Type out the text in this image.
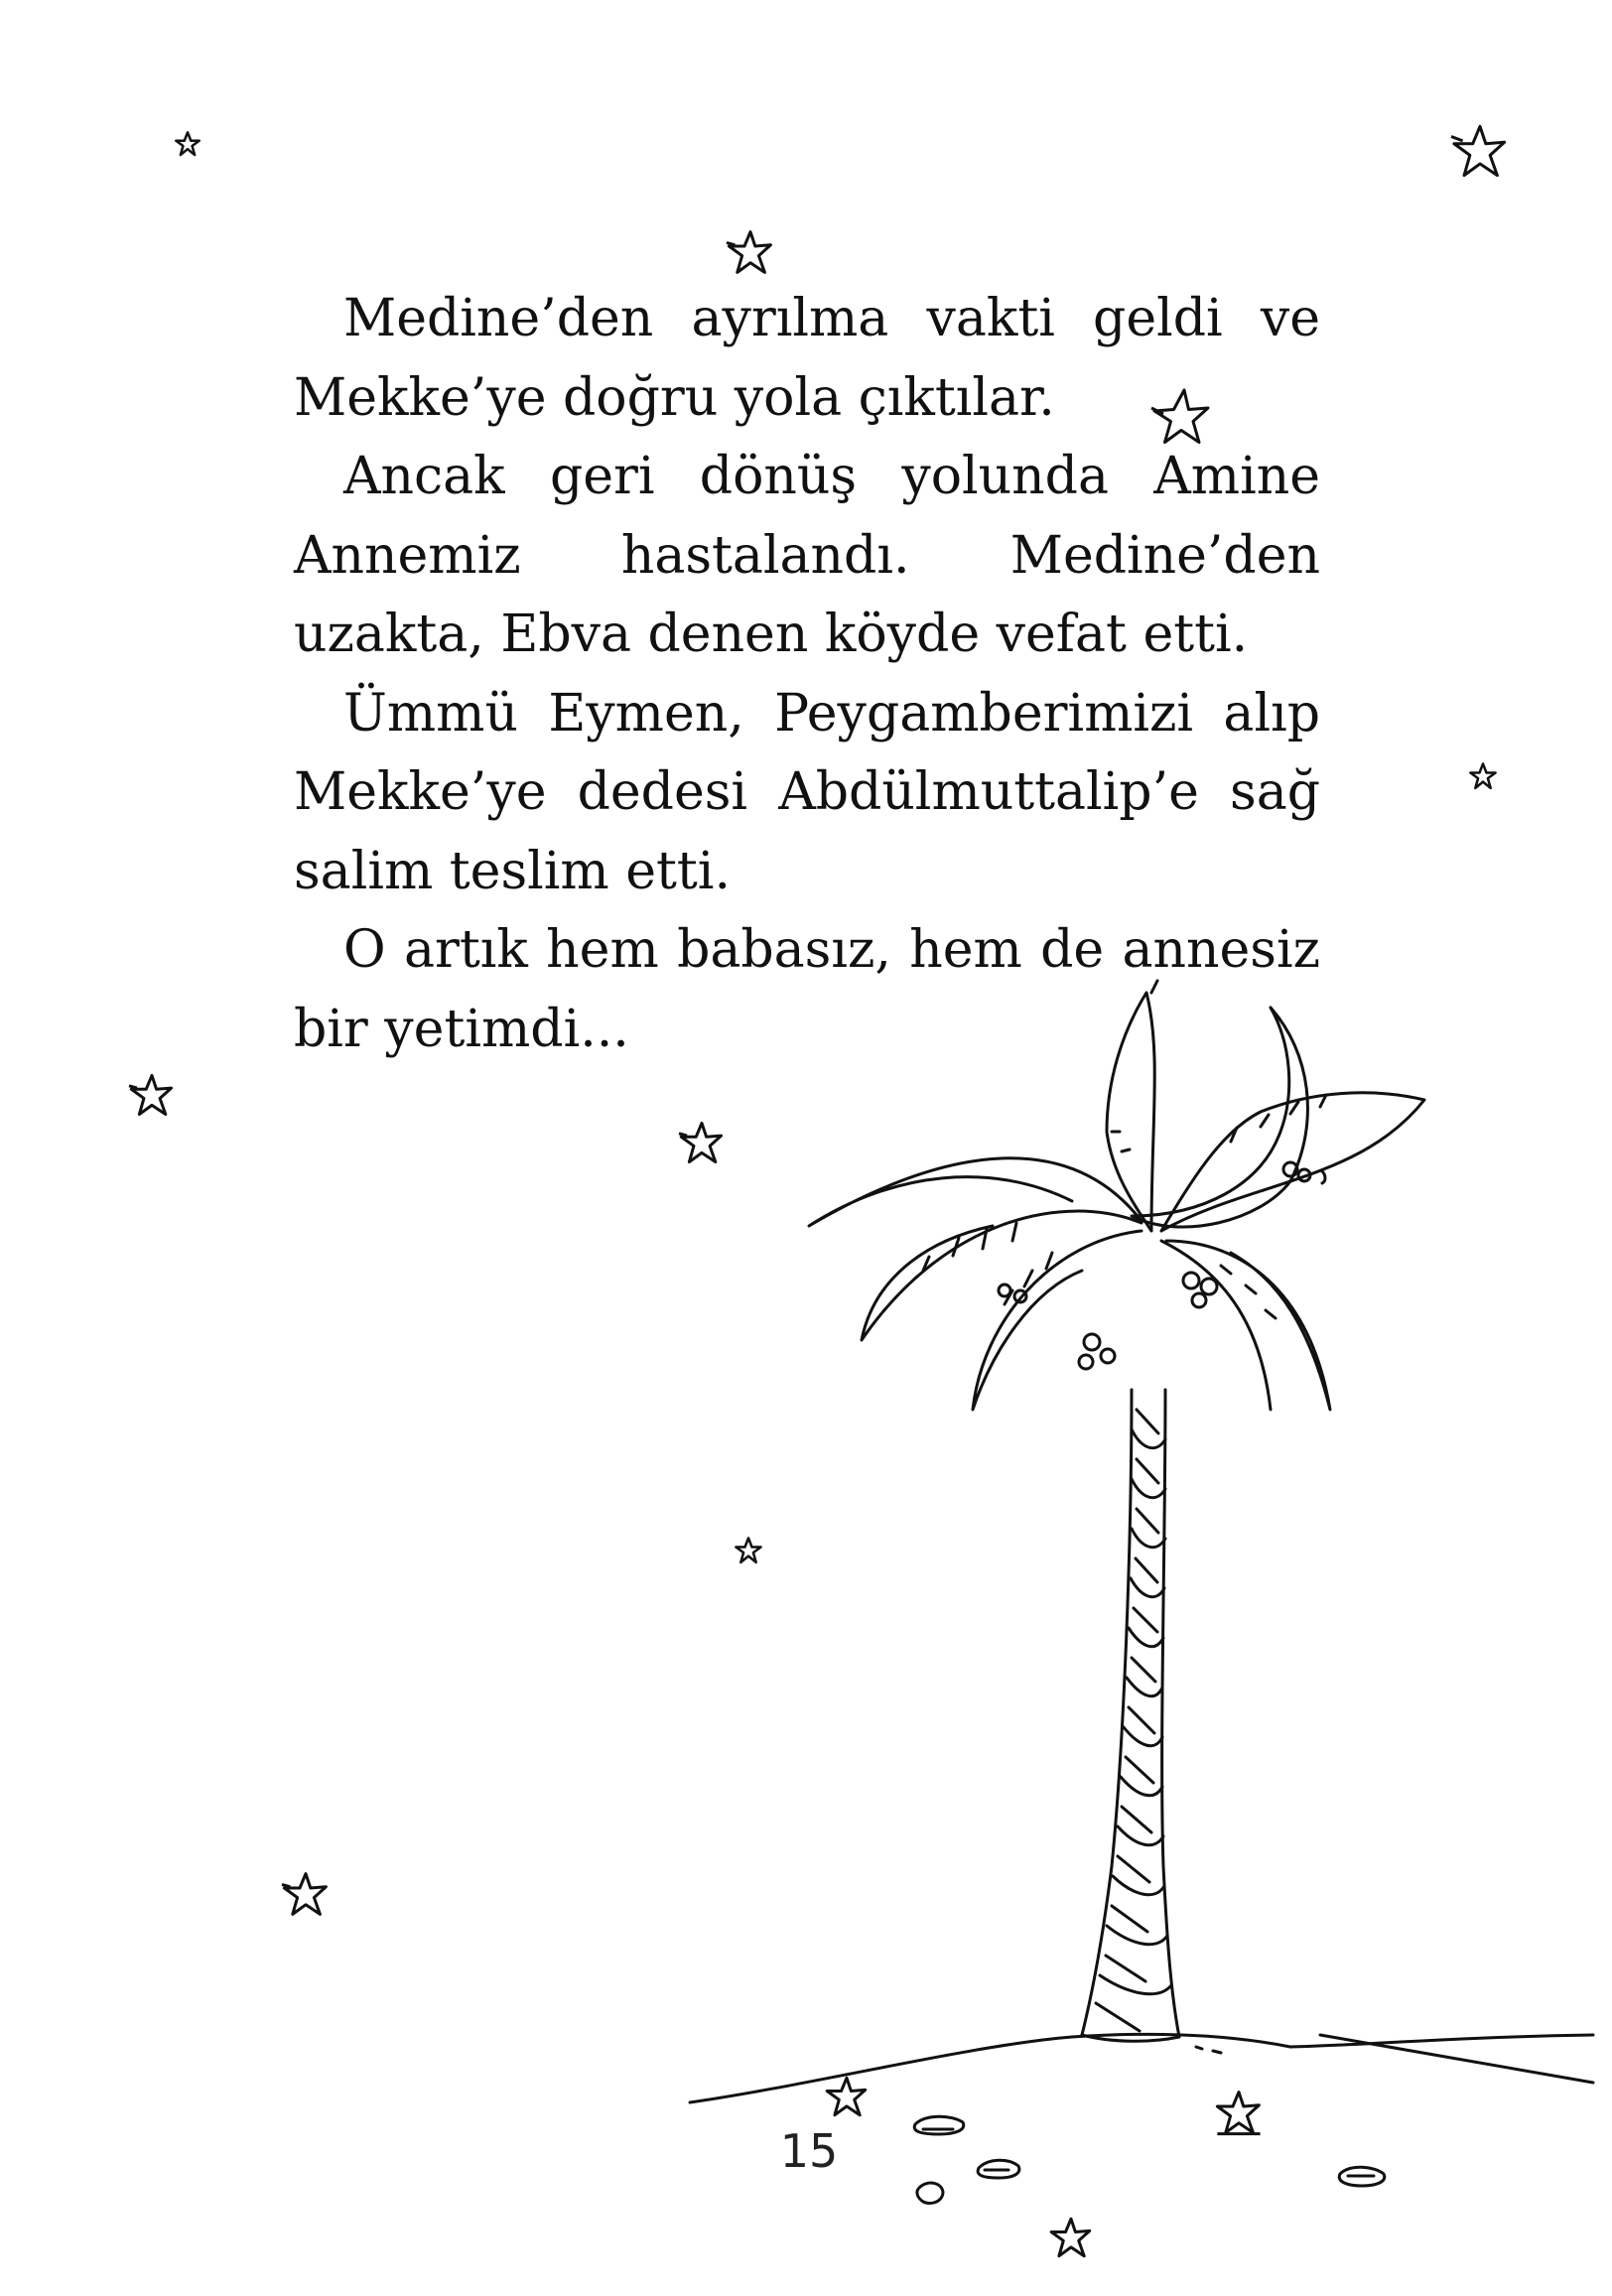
Medine’den ayrılma vakti geldi ve Mekke’ye doğru yola çıktılar.

Ancak geri dönüş yolunda Amine Annemiz hastalandı. Medine’den uzakta, Ebva denen köyde vefat etti.

Ümmü Eymen, Peygamberimizi alıp Mekke’ye dedesi Abdülmuttalip’e sağ salim teslim etti.

O artık hem babasız, hem de annesiz bir yetimdi...

15
